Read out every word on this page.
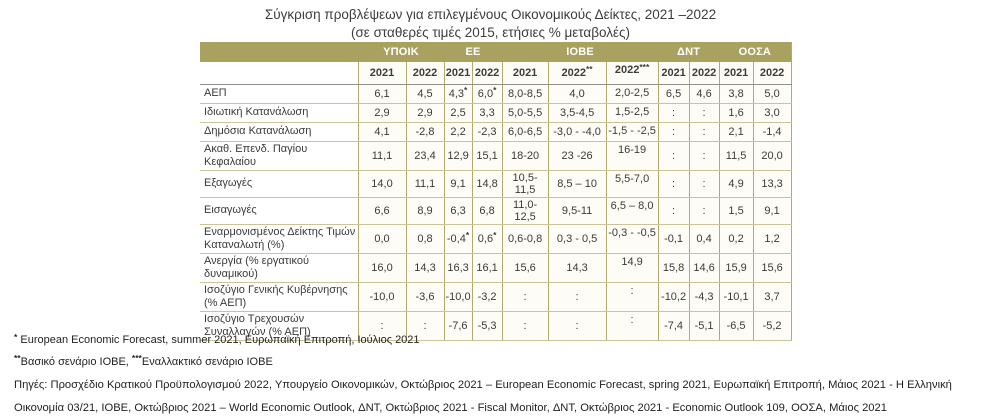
Σύγκριση προβλέψεων για επιλεγμένους Οικονομικούς Δείκτες, 2021 –2022
(σε σταθερές τιμές 2015, ετήσιες % μεταβολές)
	ΥΠΟΙΚ		ΕΕ		ΙΟΒΕ			ΔΝΤ		ΟΟΣΑ	
	2021	2022	2021	2022	2021	2022**	2022***	2021	2022	2021	2022
ΑΕΠ	6,1	4,5	4,3*	6,0*	8,0-8,5	4,0	2,0-2,5	6,5	4,6	3,8	5,0
Ιδιωτική Κατανάλωση	2,9	2,9	2,5	3,3	5,0-5,5	3,5-4,5	1,5-2,5	:	:	1,6	3,0
Δημόσια Κατανάλωση	4,1	-2,8	2,2	-2,3	6,0-6,5	-3,0 - -4,0	-1,5 - -2,5	:	:	2,1	-1,4
Ακαθ. Επενδ. Παγίου Κεφαλαίου	11,1	23,4	12,9	15,1	18-20	23 -26	16-19	:	:	11,5	20,0
Εξαγωγές	14,0	11,1	9,1	14,8	10,5-11,5	8,5 – 10	5,5-7,0	:	:	4,9	13,3
Εισαγωγές	6,6	8,9	6,3	6,8	11,0-12,5	9,5-11	6,5 – 8,0	:	:	1,5	9,1
Εναρμονισμένος Δείκτης Τιμών Καταναλωτή (%)	0,0	0,8	-0,4*	0,6*	0,6-0,8	0,3 - 0,5	-0,3 - -0,5	-0,1	0,4	0,2	1,2
Ανεργία (% εργατικού δυναμικού)	16,0	14,3	16,3	16,1	15,6	14,3	14,9	15,8	14,6	15,9	15,6
Ισοζύγιο Γενικής Κυβέρνησης (% ΑΕΠ)	-10,0	-3,6	-10,0	-3,2	:	:	:	-10,2	-4,3	-10,1	3,7
Ισοζύγιο Τρεχουσών Συναλλαγών (% ΑΕΠ)	:	:	-7,6	-5,3	:	:	:	-7,4	-5,1	-6,5	-5,2
* European Economic Forecast, summer 2021, Ευρωπαϊκή Επιτροπή, Ιούλιος 2021
**Βασικό σενάριο ΙΟΒΕ, ***Εναλλακτικό σενάριο ΙΟΒΕ
Πηγές: Προσχέδιο Κρατικού Προϋπολογισμού 2022, Υπουργείο Οικονομικών, Οκτώβριος 2021 – European Economic Forecast, spring 2021, Ευρωπαϊκή Επιτροπή, Μάιος 2021 - Η Ελληνική Οικονομία 03/21, ΙΟΒΕ, Οκτώβριος 2021 – World Economic Outlook, ΔΝΤ, Οκτώβριος 2021 - Fiscal Monitor, ΔΝΤ, Οκτώβριος 2021 - Economic Outlook 109, ΟΟΣΑ, Μάιος 2021
